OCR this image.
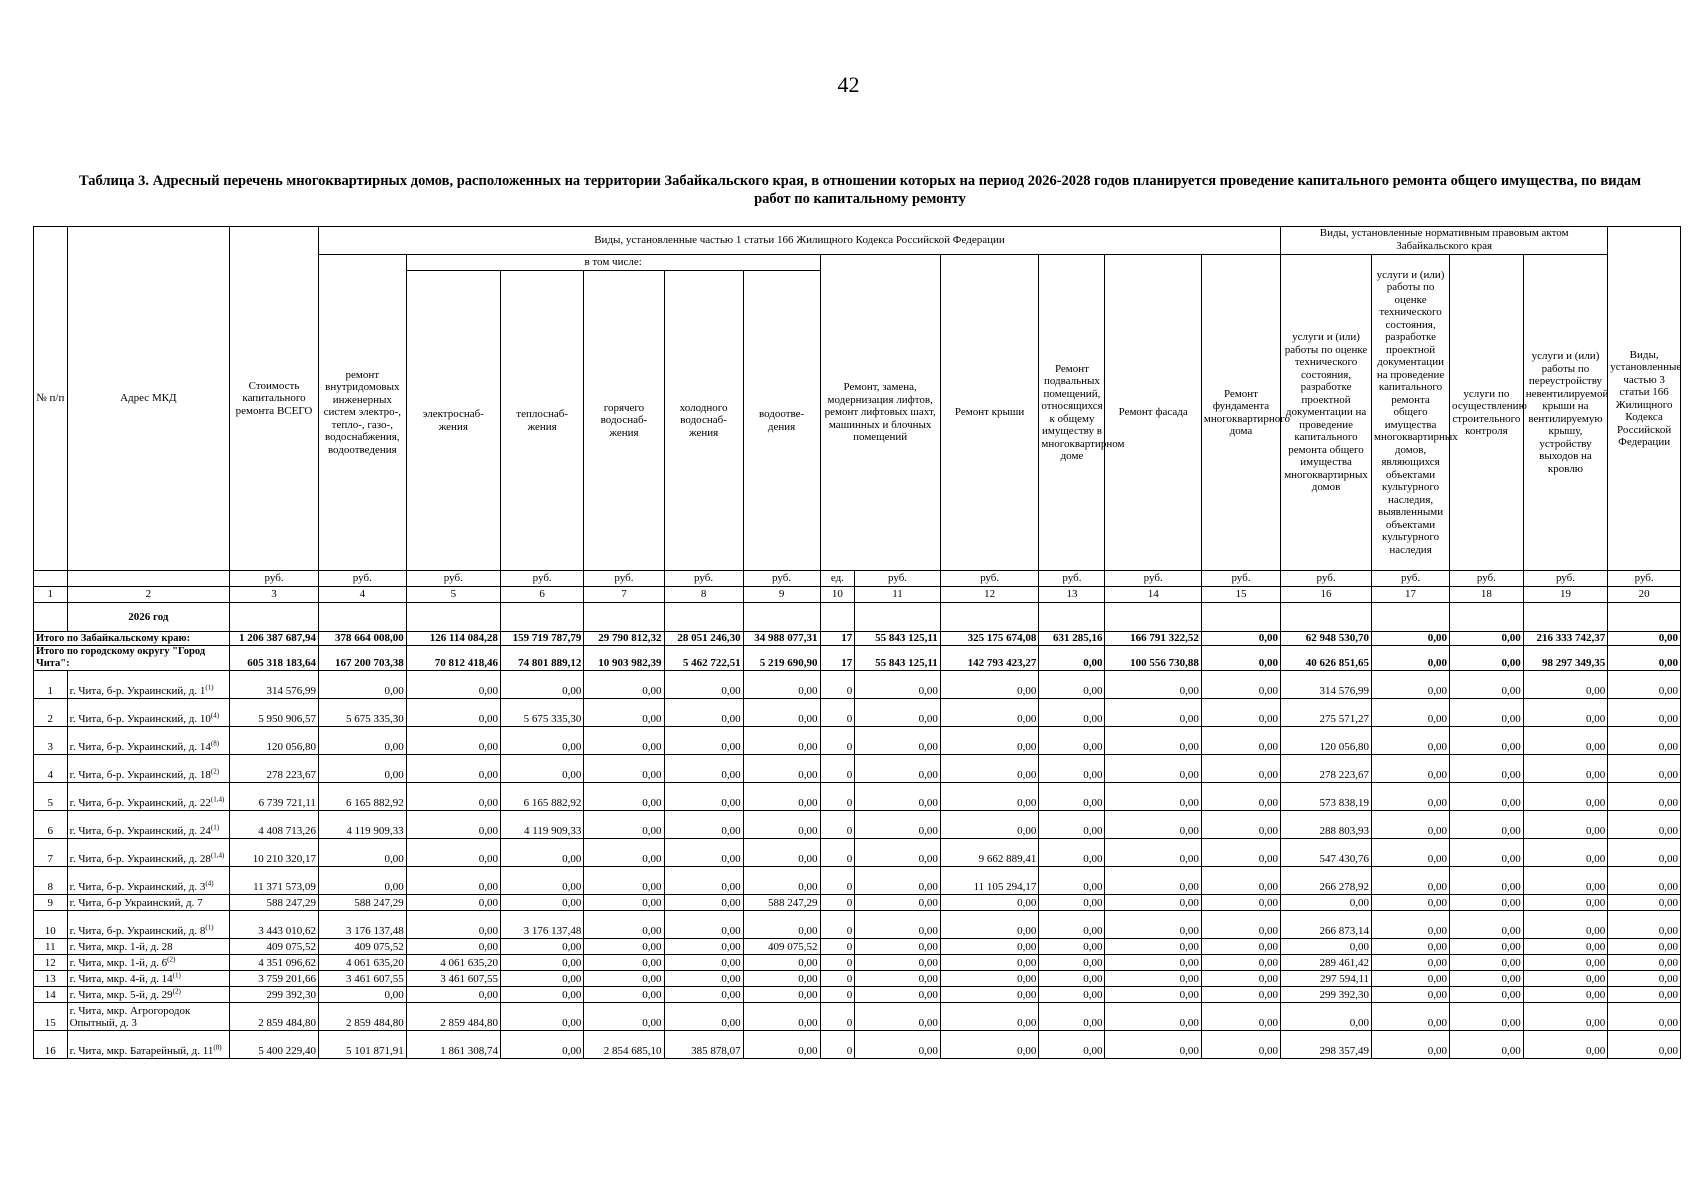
42
Таблица 3. Адресный перечень многоквартирных домов, расположенных на территории Забайкальского края, в отношении которых на период 2026-2028 годов планируется проведение капитального ремонта общего имущества, по видам работ по капитальному ремонту
№ п/п	Адрес МКД	Стоимость капитального ремонта ВСЕГО	Виды, установленные частью 1 статьи 166 Жилищного Кодекса Российской Федерации												Виды, установленные нормативным правовым актом Забайкальского края				Виды, установленные частью 3 статьи 166 Жилищного Кодекса Российской Федерации
			ремонт внутридомовых инженерных систем электро-, тепло-, газо-, водоснабжения, водоотведения	в том числе:					Ремонт, замена, модернизация лифтов, ремонт лифтовых шахт, машинных и блочных помещений		Ремонт крыши	Ремонт подвальных помещений, относящихся к общему имуществу в многоквартирном доме	Ремонт фасада	Ремонт фундамента многоквартирного дома	услуги и (или) работы по оценке технического состояния, разработке проектной документации на проведение капитального ремонта общего имущества многоквартирных домов	услуги и (или) работы по оценке технического состояния, разработке проектной документации на проведение капитального ремонта общего имущества многоквартирных домов, являющихся объектами культурного наследия, выявленными объектами культурного наследия	услуги по осуществлению строительного контроля	услуги и (или) работы по переустройству невентилируемой крыши на вентилируемую крышу, устройству выходов на кровлю	
				электроснаб-жения	теплоснаб-жения	горячего водоснаб-жения	холодного водоснаб-жения	водоотве-дения											
		руб.	руб.	руб.	руб.	руб.	руб.	руб.	ед.	руб.	руб.	руб.	руб.	руб.	руб.	руб.	руб.	руб.	руб.
1	2	3	4	5	6	7	8	9	10	11	12	13	14	15	16	17	18	19	20
	2026 год																		
Итого по Забайкальскому краю:		1 206 387 687,94	378 664 008,00	126 114 084,28	159 719 787,79	29 790 812,32	28 051 246,30	34 988 077,31	17	55 843 125,11	325 175 674,08	631 285,16	166 791 322,52	0,00	62 948 530,70	0,00	0,00	216 333 742,37	0,00
Итого по городскому округу "Город Чита":		605 318 183,64	167 200 703,38	70 812 418,46	74 801 889,12	10 903 982,39	5 462 722,51	5 219 690,90	17	55 843 125,11	142 793 423,27	0,00	100 556 730,88	0,00	40 626 851,65	0,00	0,00	98 297 349,35	0,00
1	г. Чита, б-р. Украинский, д. 1$^{(1)}$	314 576,99	0,00	0,00	0,00	0,00	0,00	0,00	0	0,00	0,00	0,00	0,00	0,00	314 576,99	0,00	0,00	0,00	0,00
2	г. Чита, б-р. Украинский, д. 10$^{(4)}$	5 950 906,57	5 675 335,30	0,00	5 675 335,30	0,00	0,00	0,00	0	0,00	0,00	0,00	0,00	0,00	275 571,27	0,00	0,00	0,00	0,00
3	г. Чита, б-р. Украинский, д. 14$^{(8)}$	120 056,80	0,00	0,00	0,00	0,00	0,00	0,00	0	0,00	0,00	0,00	0,00	0,00	120 056,80	0,00	0,00	0,00	0,00
4	г. Чита, б-р. Украинский, д. 18$^{(2)}$	278 223,67	0,00	0,00	0,00	0,00	0,00	0,00	0	0,00	0,00	0,00	0,00	0,00	278 223,67	0,00	0,00	0,00	0,00
5	г. Чита, б-р. Украинский, д. 22$^{(1,4)}$	6 739 721,11	6 165 882,92	0,00	6 165 882,92	0,00	0,00	0,00	0	0,00	0,00	0,00	0,00	0,00	573 838,19	0,00	0,00	0,00	0,00
6	г. Чита, б-р. Украинский, д. 24$^{(1)}$	4 408 713,26	4 119 909,33	0,00	4 119 909,33	0,00	0,00	0,00	0	0,00	0,00	0,00	0,00	0,00	288 803,93	0,00	0,00	0,00	0,00
7	г. Чита, б-р. Украинский, д. 28$^{(1,4)}$	10 210 320,17	0,00	0,00	0,00	0,00	0,00	0,00	0	0,00	9 662 889,41	0,00	0,00	0,00	547 430,76	0,00	0,00	0,00	0,00
8	г. Чита, б-р. Украинский, д. 3$^{(4)}$	11 371 573,09	0,00	0,00	0,00	0,00	0,00	0,00	0	0,00	11 105 294,17	0,00	0,00	0,00	266 278,92	0,00	0,00	0,00	0,00
9	г. Чита, б-р Украинский, д. 7	588 247,29	588 247,29	0,00	0,00	0,00	0,00	588 247,29	0	0,00	0,00	0,00	0,00	0,00	0,00	0,00	0,00	0,00	0,00
10	г. Чита, б-р. Украинский, д. 8$^{(1)}$	3 443 010,62	3 176 137,48	0,00	3 176 137,48	0,00	0,00	0,00	0	0,00	0,00	0,00	0,00	0,00	266 873,14	0,00	0,00	0,00	0,00
11	г. Чита, мкр. 1-й, д. 28	409 075,52	409 075,52	0,00	0,00	0,00	0,00	409 075,52	0	0,00	0,00	0,00	0,00	0,00	0,00	0,00	0,00	0,00	0,00
12	г. Чита, мкр. 1-й, д. 6$^{(2)}$	4 351 096,62	4 061 635,20	4 061 635,20	0,00	0,00	0,00	0,00	0	0,00	0,00	0,00	0,00	0,00	289 461,42	0,00	0,00	0,00	0,00
13	г. Чита, мкр. 4-й, д. 14$^{(1)}$	3 759 201,66	3 461 607,55	3 461 607,55	0,00	0,00	0,00	0,00	0	0,00	0,00	0,00	0,00	0,00	297 594,11	0,00	0,00	0,00	0,00
14	г. Чита, мкр. 5-й, д. 29$^{(2)}$	299 392,30	0,00	0,00	0,00	0,00	0,00	0,00	0	0,00	0,00	0,00	0,00	0,00	299 392,30	0,00	0,00	0,00	0,00
15	г. Чита, мкр. Агрогородок Опытный, д. 3	2 859 484,80	2 859 484,80	2 859 484,80	0,00	0,00	0,00	0,00	0	0,00	0,00	0,00	0,00	0,00	0,00	0,00	0,00	0,00	0,00
16	г. Чита, мкр. Батарейный, д. 11$^{(8)}$	5 400 229,40	5 101 871,91	1 861 308,74	0,00	2 854 685,10	385 878,07	0,00	0	0,00	0,00	0,00	0,00	0,00	298 357,49	0,00	0,00	0,00	0,00
